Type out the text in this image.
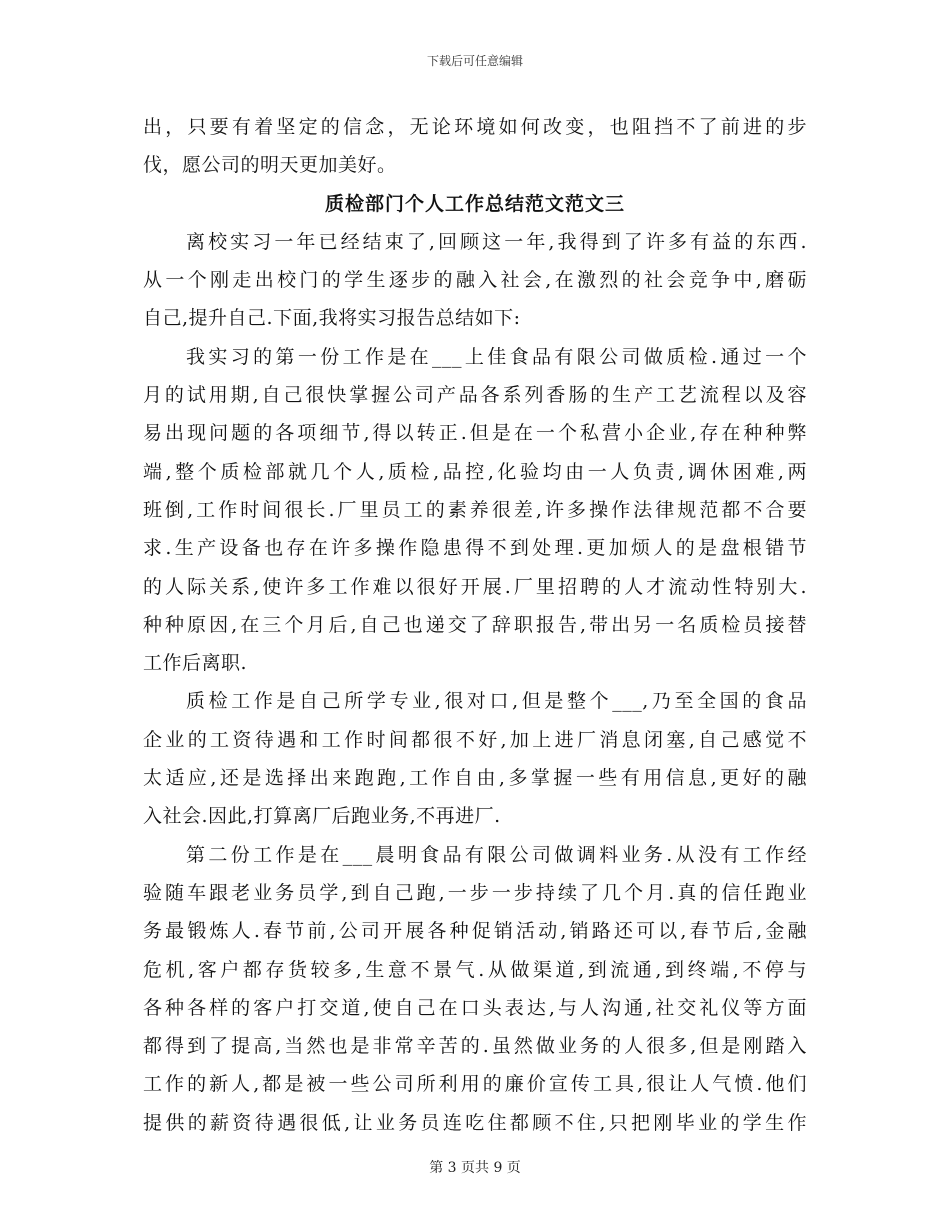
下载后可任意编辑
出，只要有着坚定的信念，无论环境如何改变，也阻挡不了前进的步
伐，愿公司的明天更加美好。
质检部门个人工作总结范文范文三
离校实习一年已经结束了,回顾这一年,我得到了许多有益的东西.
从一个刚走出校门的学生逐步的融入社会,在激烈的社会竞争中,磨砺
自己,提升自己.下面,我将实习报告总结如下:
我实习的第一份工作是在___上佳食品有限公司做质检.通过一个
月的试用期,自己很快掌握公司产品各系列香肠的生产工艺流程以及容
易出现问题的各项细节,得以转正.但是在一个私营小企业,存在种种弊
端,整个质检部就几个人,质检,品控,化验均由一人负责,调休困难,两
班倒,工作时间很长.厂里员工的素养很差,许多操作法律规范都不合要
求.生产设备也存在许多操作隐患得不到处理.更加烦人的是盘根错节
的人际关系,使许多工作难以很好开展.厂里招聘的人才流动性特别大.
种种原因,在三个月后,自己也递交了辞职报告,带出另一名质检员接替
工作后离职.
质检工作是自己所学专业,很对口,但是整个___,乃至全国的食品
企业的工资待遇和工作时间都很不好,加上进厂消息闭塞,自己感觉不
太适应,还是选择出来跑跑,工作自由,多掌握一些有用信息,更好的融
入社会.因此,打算离厂后跑业务,不再进厂.
第二份工作是在___晨明食品有限公司做调料业务.从没有工作经
验随车跟老业务员学,到自己跑,一步一步持续了几个月.真的信任跑业
务最锻炼人.春节前,公司开展各种促销活动,销路还可以,春节后,金融
危机,客户都存货较多,生意不景气.从做渠道,到流通,到终端,不停与
各种各样的客户打交道,使自己在口头表达,与人沟通,社交礼仪等方面
都得到了提高,当然也是非常辛苦的.虽然做业务的人很多,但是刚踏入
工作的新人,都是被一些公司所利用的廉价宣传工具,很让人气愤.他们
提供的薪资待遇很低,让业务员连吃住都顾不住,只把刚毕业的学生作
第 3 页共 9 页
